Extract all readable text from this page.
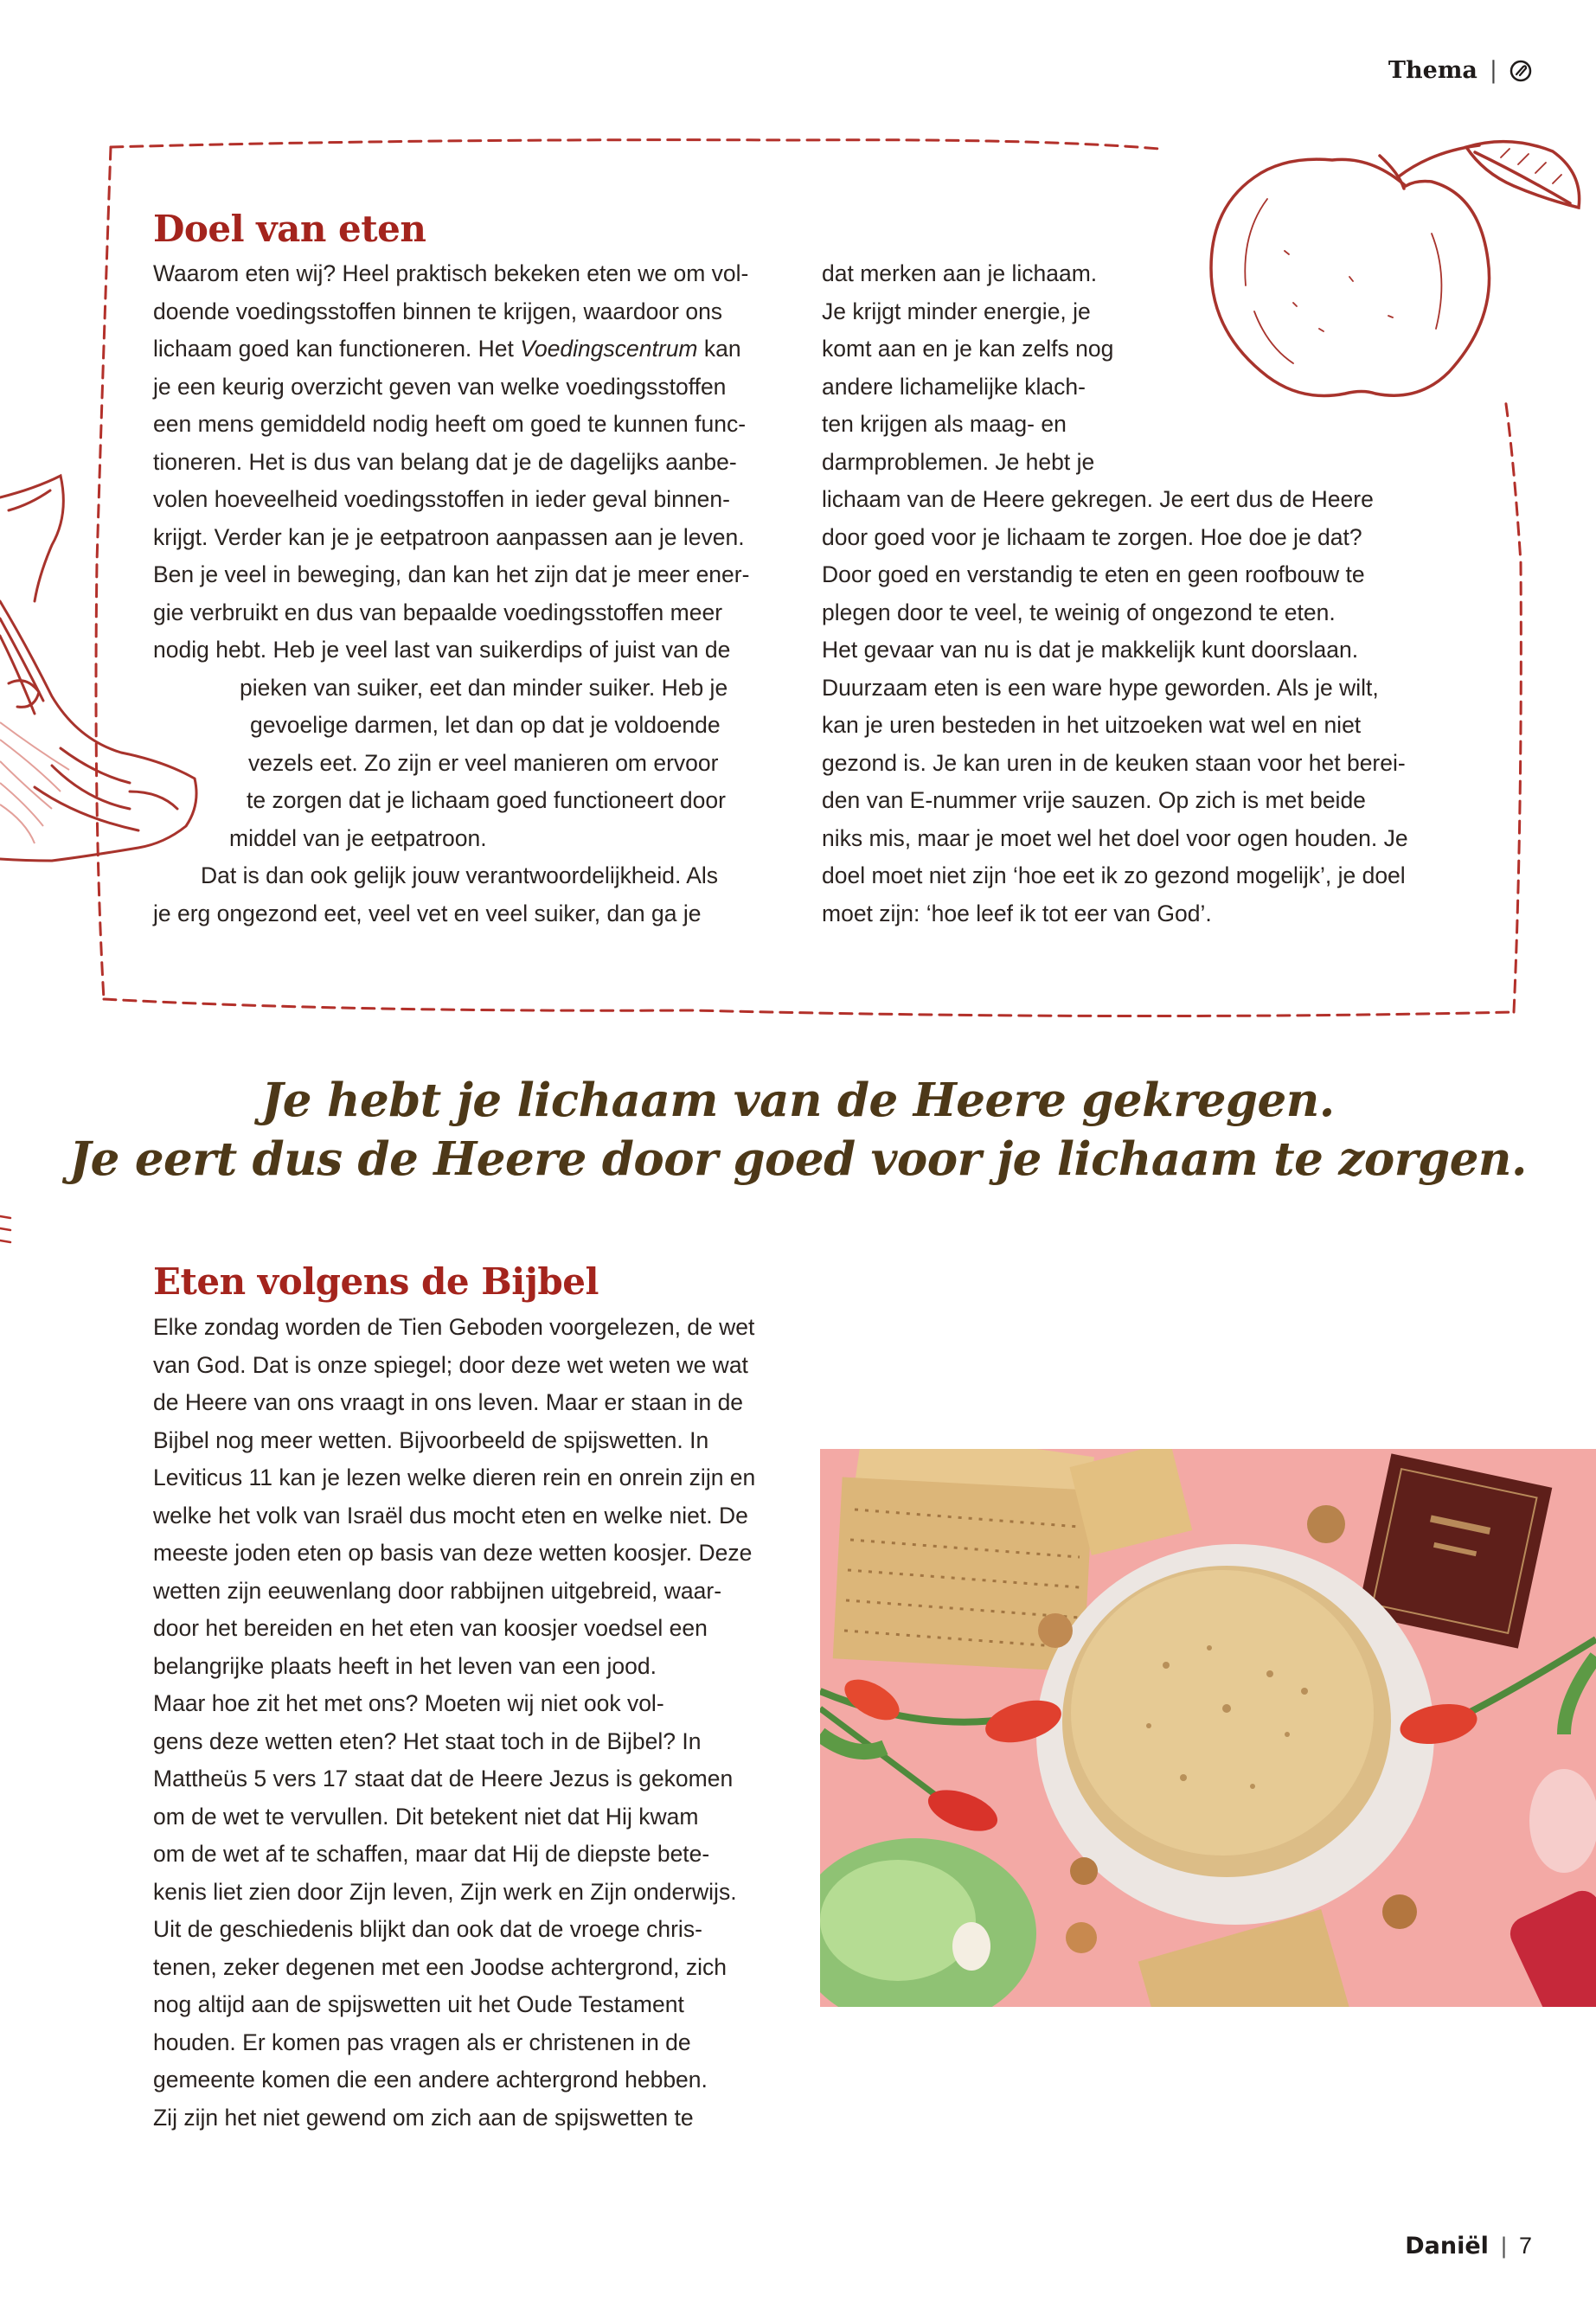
Thema |
Doel van eten
Waarom eten wij? Heel praktisch bekeken eten we om vol-
doende voedingsstoffen binnen te krijgen, waardoor ons
lichaam goed kan functioneren. Het Voedingscentrum kan
je een keurig overzicht geven van welke voedingsstoffen
een mens gemiddeld nodig heeft om goed te kunnen func-
tioneren. Het is dus van belang dat je de dagelijks aanbe-
volen hoeveelheid voedingsstoffen in ieder geval binnen-
krijgt. Verder kan je je eetpatroon aanpassen aan je leven.
Ben je veel in beweging, dan kan het zijn dat je meer ener-
gie verbruikt en dus van bepaalde voedingsstoffen meer
nodig hebt. Heb je veel last van suikerdips of juist van de
pieken van suiker, eet dan minder suiker. Heb je
gevoelige darmen, let dan op dat je voldoende
vezels eet. Zo zijn er veel manieren om ervoor
te zorgen dat je lichaam goed functioneert door
middel van je eetpatroon.
Dat is dan ook gelijk jouw verantwoordelijkheid. Als
je erg ongezond eet, veel vet en veel suiker, dan ga je
dat merken aan je lichaam.
Je krijgt minder energie, je
komt aan en je kan zelfs nog
andere lichamelijke klach-
ten krijgen als maag- en
darmproblemen. Je hebt je
lichaam van de Heere gekregen. Je eert dus de Heere
door goed voor je lichaam te zorgen. Hoe doe je dat?
Door goed en verstandig te eten en geen roofbouw te
plegen door te veel, te weinig of ongezond te eten.
Het gevaar van nu is dat je makkelijk kunt doorslaan.
Duurzaam eten is een ware hype geworden. Als je wilt,
kan je uren besteden in het uitzoeken wat wel en niet
gezond is. Je kan uren in de keuken staan voor het berei-
den van E-nummer vrije sauzen. Op zich is met beide
niks mis, maar je moet wel het doel voor ogen houden. Je
doel moet niet zijn ‘hoe eet ik zo gezond mogelijk’, je doel
moet zijn: ‘hoe leef ik tot eer van God’.
Je hebt je lichaam van de Heere gekregen.
Je eert dus de Heere door goed voor je lichaam te zorgen.
Eten volgens de Bijbel
Elke zondag worden de Tien Geboden voorgelezen, de wet
van God. Dat is onze spiegel; door deze wet weten we wat
de Heere van ons vraagt in ons leven. Maar er staan in de
Bijbel nog meer wetten. Bijvoorbeeld de spijswetten. In
Leviticus 11 kan je lezen welke dieren rein en onrein zijn en
welke het volk van Israël dus mocht eten en welke niet. De
meeste joden eten op basis van deze wetten koosjer. Deze
wetten zijn eeuwenlang door rabbijnen uitgebreid, waar-
door het bereiden en het eten van koosjer voedsel een
belangrijke plaats heeft in het leven van een jood.
Maar hoe zit het met ons? Moeten wij niet ook vol-
gens deze wetten eten? Het staat toch in de Bijbel? In
Mattheüs 5 vers 17 staat dat de Heere Jezus is gekomen
om de wet te vervullen. Dit betekent niet dat Hij kwam
om de wet af te schaffen, maar dat Hij de diepste bete-
kenis liet zien door Zijn leven, Zijn werk en Zijn onderwijs.
Uit de geschiedenis blijkt dan ook dat de vroege chris-
tenen, zeker degenen met een Joodse achtergrond, zich
nog altijd aan de spijswetten uit het Oude Testament
houden. Er komen pas vragen als er christenen in de
gemeente komen die een andere achtergrond hebben.
Zij zijn het niet gewend om zich aan de spijswetten te
Daniël | 7
